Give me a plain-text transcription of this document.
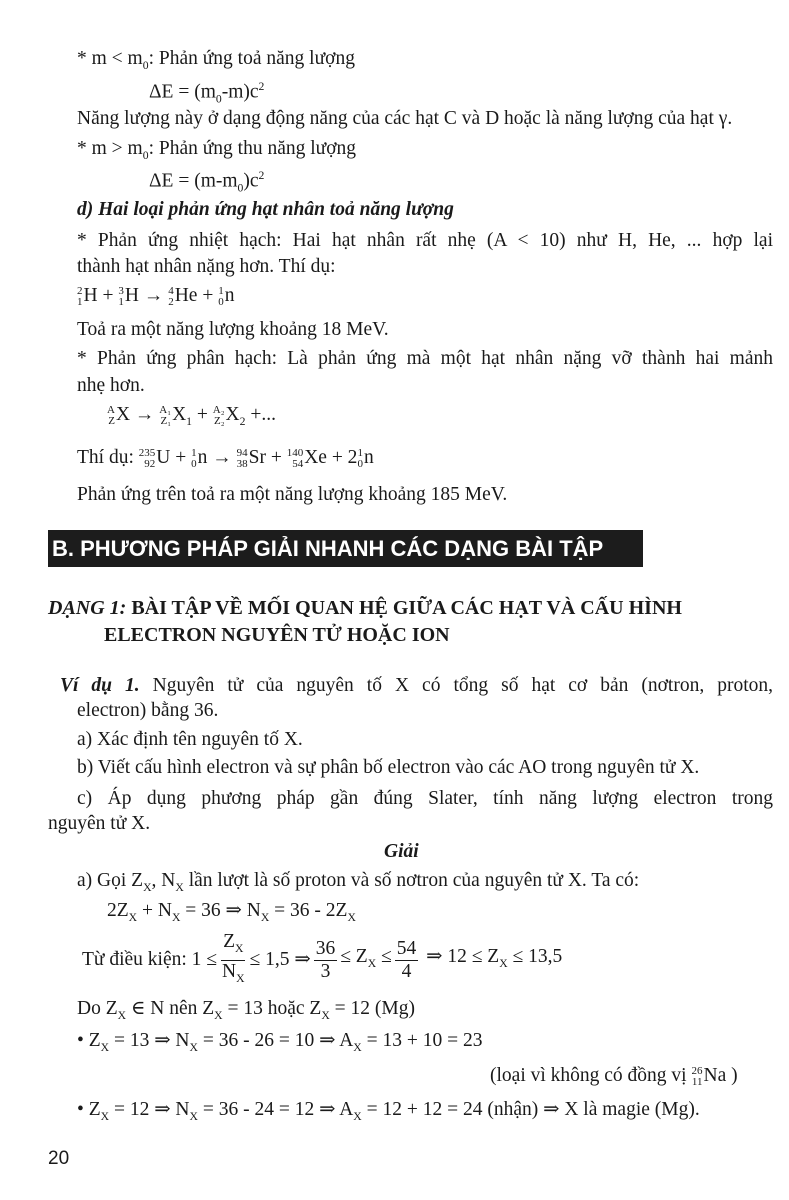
* $m < m_0$: Phản ứng toả năng lượng
$\Delta E = (m_0-m)c^2$
Năng lượng này ở dạng động năng của các hạt C và D hoặc là năng lượng của hạt γ.
* $m > m_0$: Phản ứng thu năng lượng
$\Delta E = (m-m_0)c^2$
d) Hai loại phản ứng hạt nhân toả năng lượng
* Phản ứng nhiệt hạch: Hai hạt nhân rất nhẹ (A < 10) như H, He, ... hợp lại
thành hạt nhân nặng hơn. Thí dụ:
2
1 H + 3
1 H → 4
2 He + 1
0 n
Toả ra một năng lượng khoảng 18 MeV.
* Phản ứng phân hạch: Là phản ứng mà một hạt nhân nặng vỡ thành hai mảnh
nhẹ hơn.
A
Z X → A₁
Z₁ $X_1 + A_2$
Z₂ $X_2$ +...
Thí dụ: 235
92 U + 1
0 n → 94
38 Sr + 140
54 Xe + 2 1
0 n
Phản ứng trên toả ra một năng lượng khoảng 185 MeV.
B. PHƯƠNG PHÁP GIẢI NHANH CÁC DẠNG BÀI TẬP
DẠNG 1: BÀI TẬP VỀ MỐI QUAN HỆ GIỮA CÁC HẠT VÀ CẤU HÌNH
ELECTRON NGUYÊN TỬ HOẶC ION
Ví dụ 1. Nguyên tử của nguyên tố X có tổng số hạt cơ bản (nơtron, proton,
electron) bằng 36.
a) Xác định tên nguyên tố X.
b) Viết cấu hình electron và sự phân bố electron vào các AO trong nguyên tử X.
c) Áp dụng phương pháp gần đúng Slater, tính năng lượng electron trong
nguyên tử X.
Giải
a) Gọi $Z_X$, $N_X$ lần lượt là số proton và số nơtron của nguyên tử X. Ta có:
$2Z_X + N_X = 36$ ⇒ $N_X = 36 - 2Z_X$
Từ điều kiện: $1 \le \frac{Z_X}{N_X} \le 1,5$ ⇒ $\frac{36}{3} \le Z_X \le \frac{54}{4}$ ⇒ $12 \le Z_X \le 13,5$
Do $Z_X$ ∈ N nên $Z_X = 13$ hoặc $Z_X = 12$ (Mg)
• $Z_X = 13$ ⇒ $N_X = 36 - 26 = 10$ ⇒ $A_X = 13 + 10 = 23$
(loại vì không có đồng vị 26
11 Na )
• $Z_X = 12$ ⇒ $N_X = 36 - 24 = 12$ ⇒ $A_X = 12 + 12 = 24$ (nhận) ⇒ X là magie (Mg).
20
